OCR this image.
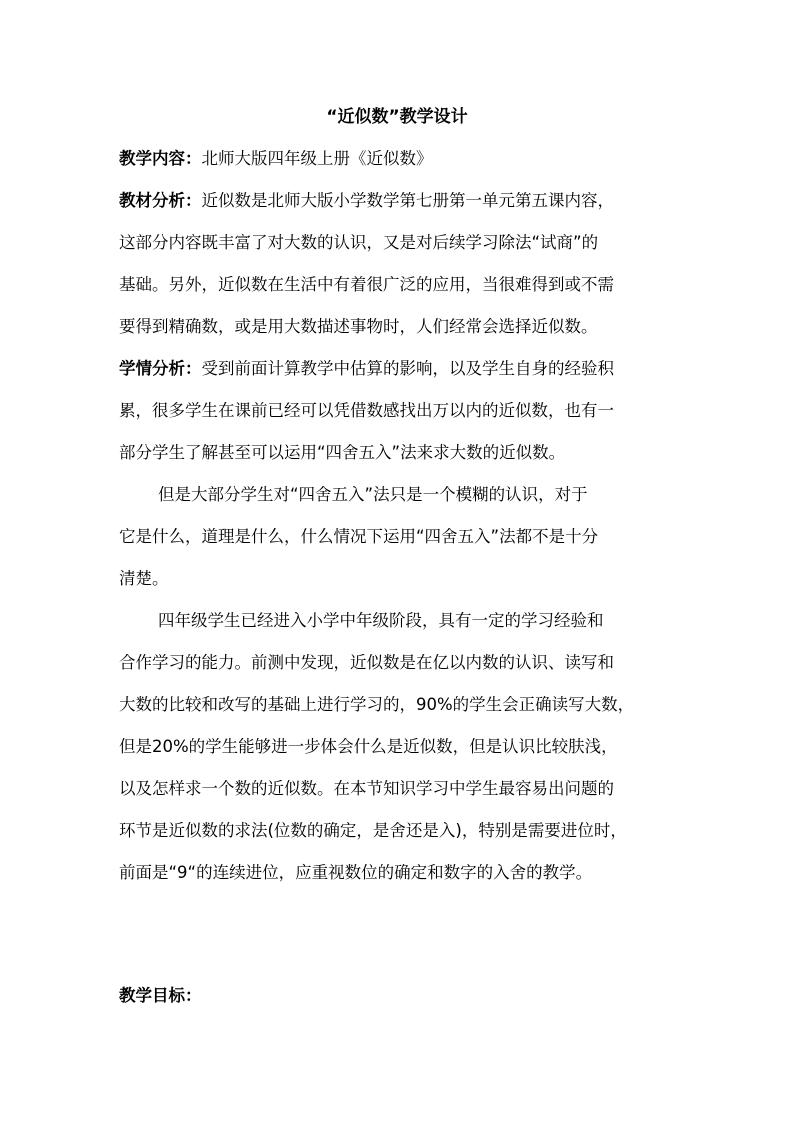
“近似数”教学设计
教学内容：北师大版四年级上册《近似数》
教材分析：近似数是北师大版小学数学第七册第一单元第五课内容，
这部分内容既丰富了对大数的认识，又是对后续学习除法“试商”的
基础。另外，近似数在生活中有着很广泛的应用，当很难得到或不需
要得到精确数，或是用大数描述事物时，人们经常会选择近似数。
学情分析：受到前面计算教学中估算的影响，以及学生自身的经验积
累，很多学生在课前已经可以凭借数感找出万以内的近似数，也有一
部分学生了解甚至可以运用“四舍五入”法来求大数的近似数。
但是大部分学生对“四舍五入”法只是一个模糊的认识，对于
它是什么，道理是什么，什么情况下运用“四舍五入”法都不是十分
清楚。
四年级学生已经进入小学中年级阶段，具有一定的学习经验和
合作学习的能力。前测中发现，近似数是在亿以内数的认识、读写和
大数的比较和改写的基础上进行学习的，90%的学生会正确读写大数，
但是20%的学生能够进一步体会什么是近似数，但是认识比较肤浅，
以及怎样求一个数的近似数。在本节知识学习中学生最容易出问题的
环节是近似数的求法(位数的确定，是舍还是入)，特别是需要进位时，
前面是“9“的连续进位，应重视数位的确定和数字的入舍的教学。
教学目标：
